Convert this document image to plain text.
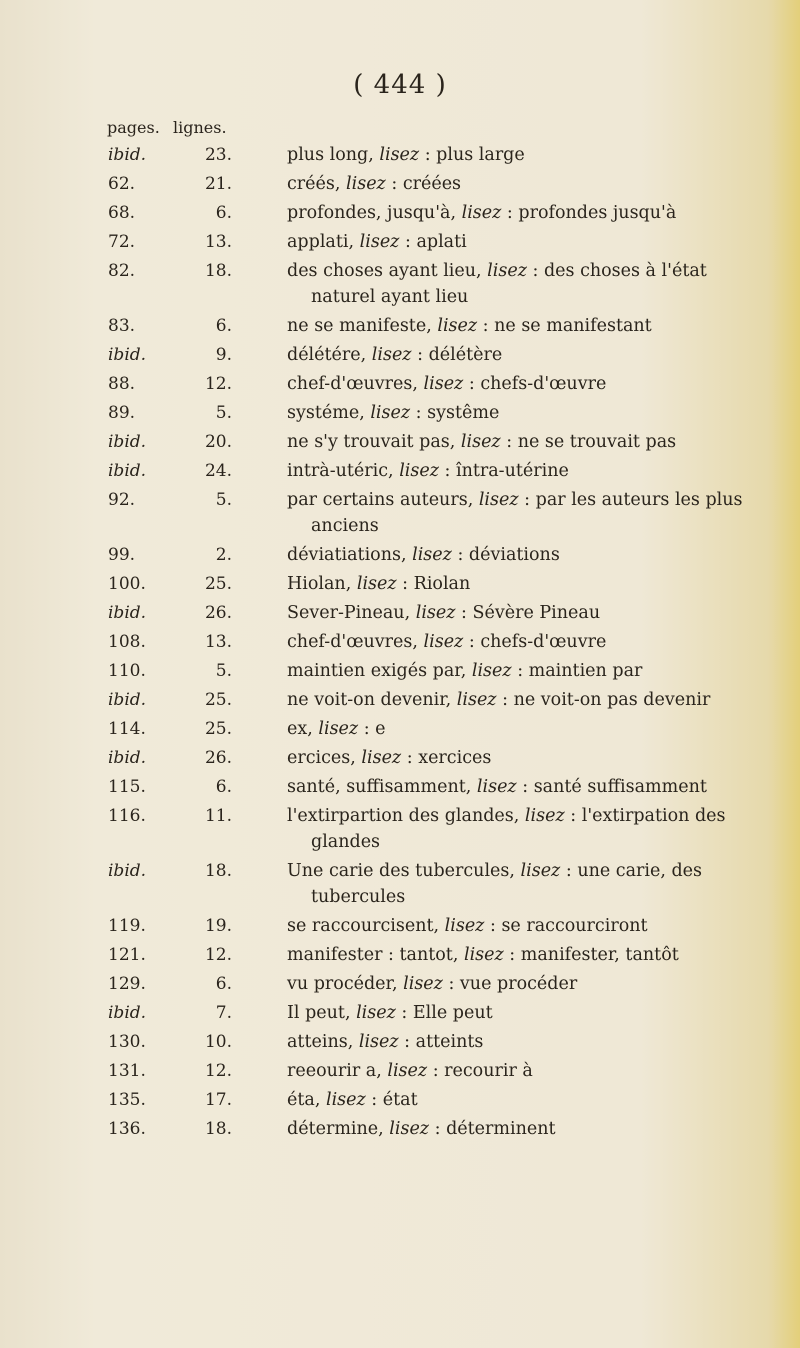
( 444 )
pages. lignes.
ibid.	23 .	plus long, lisez : plus large
62.	21 .	créés, lisez : créées
68.	6 .	profondes, jusqu'à, lisez : profondes jusqu'à
72.	13 .	applati, lisez : aplati
82.	18 .	des choses ayant lieu, lisez : des choses à l'état naturel ayant lieu
83.	6 .	ne se manifeste, lisez : ne se manifestant
ibid.	9 .	délétére, lisez : délétère
88.	12 .	chef-d'œuvres, lisez : chefs-d'œuvre
89.	5 .	systéme, lisez : systême
ibid.	20 .	ne s'y trouvait pas, lisez : ne se trouvait pas
ibid.	24 .	intrà-utéric, lisez : întra-utérine
92.	5 .	par certains auteurs, lisez : par les auteurs les plus anciens
99.	2 .	déviatiations, lisez : déviations
100.	25 .	Hiolan, lisez : Riolan
ibid.	26 .	Sever-Pineau, lisez : Sévère Pineau
108.	13 .	chef-d'œuvres, lisez : chefs-d'œuvre
110.	5 .	maintien exigés par, lisez : maintien par
ibid.	25 .	ne voit-on devenir, lisez : ne voit-on pas devenir
114.	25 .	ex, lisez : e
ibid.	26 .	ercices, lisez : xercices
115.	6 .	santé, suffisamment, lisez : santé suffisamment
116.	11 .	l'extirpartion des glandes, lisez : l'extirpation des glandes
ibid.	18 .	Une carie des tubercules, lisez : une carie, des tubercules
119.	19 .	se raccourcisent, lisez : se raccourciront
121.	12 .	manifester : tantot, lisez : manifester, tantôt
129.	6 .	vu procéder, lisez : vue procéder
ibid.	7 .	Il peut, lisez : Elle peut
130.	10 .	atteins, lisez : atteints
131.	12 .	reeourir a, lisez : recourir à
135.	17 .	éta, lisez : état
136.	18 .	détermine, lisez : déterminent
